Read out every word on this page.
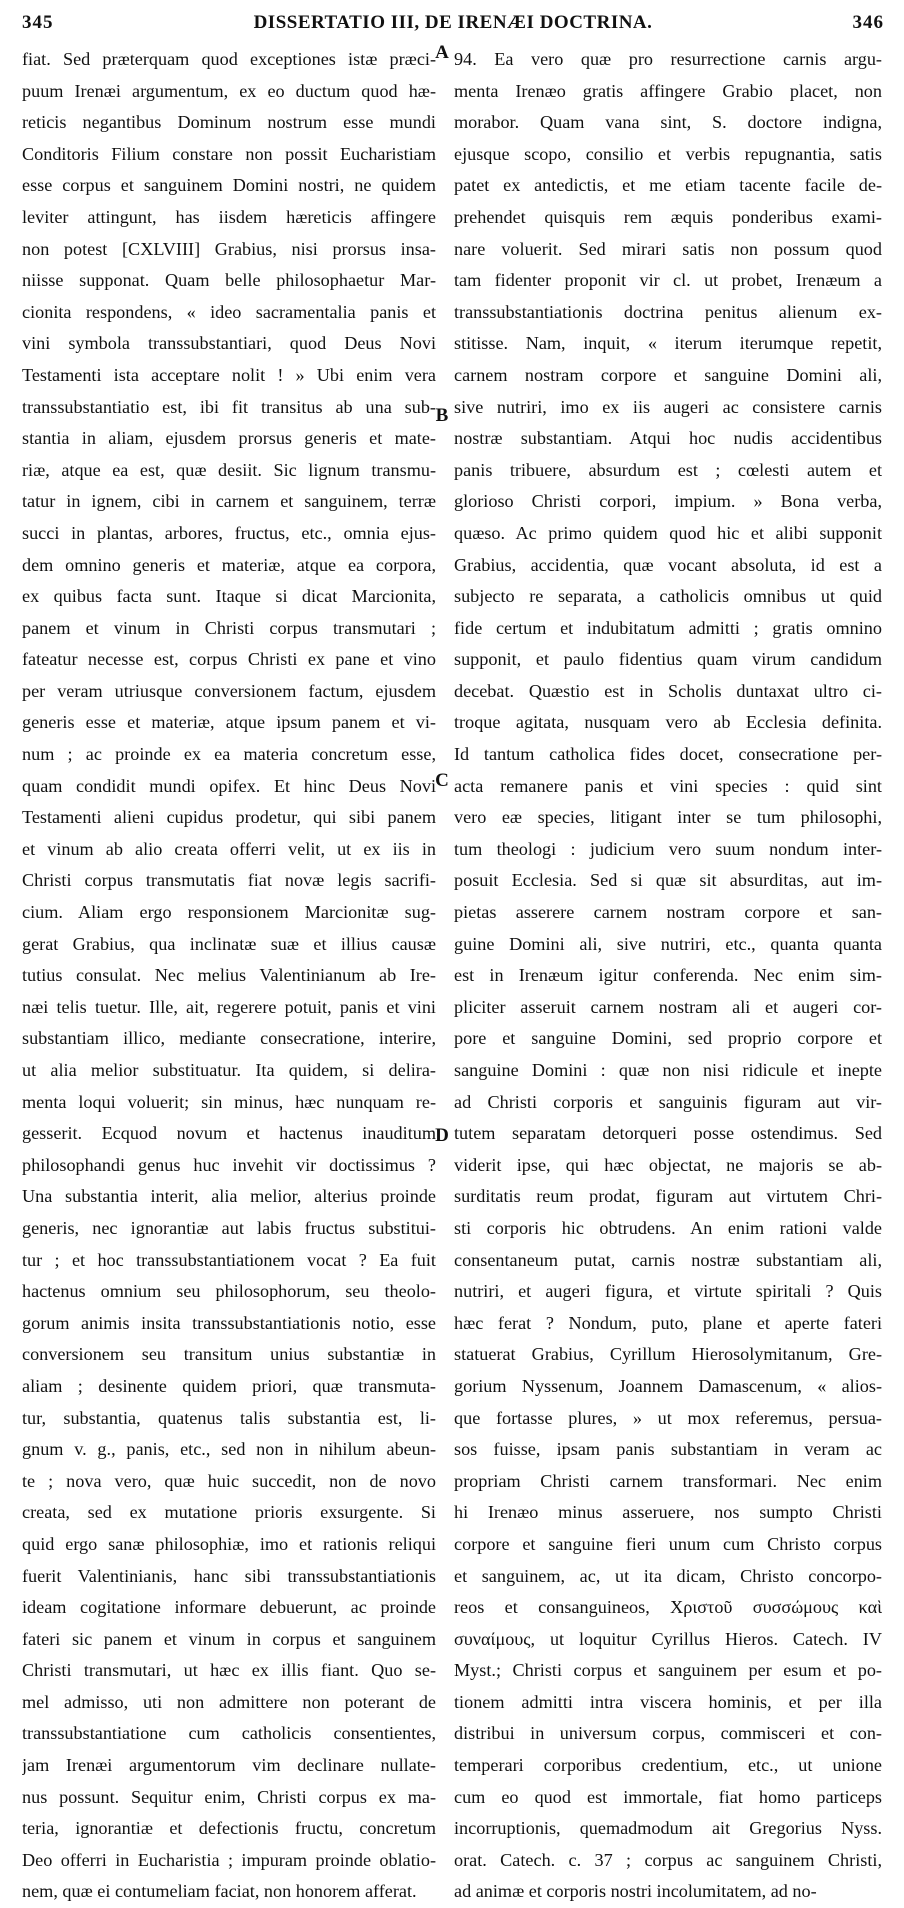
345	DISSERTATIO III, DE IRENÆI DOCTRINA.	346
A
B
C
D
fiat. Sed præterquam quod exceptiones istæ præci-
puum Irenæi argumentum, ex eo ductum quod hæ-
reticis negantibus Dominum nostrum esse mundi
Conditoris Filium constare non possit Eucharistiam
esse corpus et sanguinem Domini nostri, ne quidem
leviter attingunt, has iisdem hæreticis affingere
non potest [CXLVIII] Grabius, nisi prorsus insa-
niisse supponat. Quam belle philosophaetur Mar-
cionita respondens, « ideo sacramentalia panis et
vini symbola transsubstantiari, quod Deus Novi
Testamenti ista acceptare nolit ! » Ubi enim vera
transsubstantiatio est, ibi fit transitus ab una sub-
stantia in aliam, ejusdem prorsus generis et mate-
riæ, atque ea est, quæ desiit. Sic lignum transmu-
tatur in ignem, cibi in carnem et sanguinem, terræ
succi in plantas, arbores, fructus, etc., omnia ejus-
dem omnino generis et materiæ, atque ea corpora,
ex quibus facta sunt. Itaque si dicat Marcionita,
panem et vinum in Christi corpus transmutari ;
fateatur necesse est, corpus Christi ex pane et vino
per veram utriusque conversionem factum, ejusdem
generis esse et materiæ, atque ipsum panem et vi-
num ; ac proinde ex ea materia concretum esse,
quam condidit mundi opifex. Et hinc Deus Novi
Testamenti alieni cupidus prodetur, qui sibi panem
et vinum ab alio creata offerri velit, ut ex iis in
Christi corpus transmutatis fiat novæ legis sacrifi-
cium. Aliam ergo responsionem Marcionitæ sug-
gerat Grabius, qua inclinatæ suæ et illius causæ
tutius consulat. Nec melius Valentinianum ab Ire-
næi telis tuetur. Ille, ait, regerere potuit, panis et vini
substantiam illico, mediante consecratione, interire,
ut alia melior substituatur. Ita quidem, si delira-
menta loqui voluerit; sin minus, hæc nunquam re-
gesserit. Ecquod novum et hactenus inauditum
philosophandi genus huc invehit vir doctissimus ?
Una substantia interit, alia melior, alterius proinde
generis, nec ignorantiæ aut labis fructus substitui-
tur ; et hoc transsubstantiationem vocat ? Ea fuit
hactenus omnium seu philosophorum, seu theolo-
gorum animis insita transsubstantiationis notio, esse
conversionem seu transitum unius substantiæ in
aliam ; desinente quidem priori, quæ transmuta-
tur, substantia, quatenus talis substantia est, li-
gnum v. g., panis, etc., sed non in nihilum abeun-
te ; nova vero, quæ huic succedit, non de novo
creata, sed ex mutatione prioris exsurgente. Si
quid ergo sanæ philosophiæ, imo et rationis reliqui
fuerit Valentinianis, hanc sibi transsubstantiationis
ideam cogitatione informare debuerunt, ac proinde
fateri sic panem et vinum in corpus et sanguinem
Christi transmutari, ut hæc ex illis fiant. Quo se-
mel admisso, uti non admittere non poterant de
transsubstantiatione cum catholicis consentientes,
jam Irenæi argumentorum vim declinare nullate-
nus possunt. Sequitur enim, Christi corpus ex ma-
teria, ignorantiæ et defectionis fructu, concretum
Deo offerri in Eucharistia ; impuram proinde oblatio-
nem, quæ ei contumeliam faciat, non honorem afferat.
94. Ea vero quæ pro resurrectione carnis argu-
menta Irenæo gratis affingere Grabio placet, non
morabor. Quam vana sint, S. doctore indigna,
ejusque scopo, consilio et verbis repugnantia, satis
patet ex antedictis, et me etiam tacente facile de-
prehendet quisquis rem æquis ponderibus exami-
nare voluerit. Sed mirari satis non possum quod
tam fidenter proponit vir cl. ut probet, Irenæum a
transsubstantiationis doctrina penitus alienum ex-
stitisse. Nam, inquit, « iterum iterumque repetit,
carnem nostram corpore et sanguine Domini ali,
sive nutriri, imo ex iis augeri ac consistere carnis
nostræ substantiam. Atqui hoc nudis accidentibus
panis tribuere, absurdum est ; cœlesti autem et
glorioso Christi corpori, impium. » Bona verba,
quæso. Ac primo quidem quod hic et alibi supponit
Grabius, accidentia, quæ vocant absoluta, id est a
subjecto re separata, a catholicis omnibus ut quid
fide certum et indubitatum admitti ; gratis omnino
supponit, et paulo fidentius quam virum candidum
decebat. Quæstio est in Scholis duntaxat ultro ci-
troque agitata, nusquam vero ab Ecclesia definita.
Id tantum catholica fides docet, consecratione per-
acta remanere panis et vini species : quid sint
vero eæ species, litigant inter se tum philosophi,
tum theologi : judicium vero suum nondum inter-
posuit Ecclesia. Sed si quæ sit absurditas, aut im-
pietas asserere carnem nostram corpore et san-
guine Domini ali, sive nutriri, etc., quanta quanta
est in Irenæum igitur conferenda. Nec enim sim-
pliciter asseruit carnem nostram ali et augeri cor-
pore et sanguine Domini, sed proprio corpore et
sanguine Domini : quæ non nisi ridicule et inepte
ad Christi corporis et sanguinis figuram aut vir-
tutem separatam detorqueri posse ostendimus. Sed
viderit ipse, qui hæc objectat, ne majoris se ab-
surditatis reum prodat, figuram aut virtutem Chri-
sti corporis hic obtrudens. An enim rationi valde
consentaneum putat, carnis nostræ substantiam ali,
nutriri, et augeri figura, et virtute spiritali ? Quis
hæc ferat ? Nondum, puto, plane et aperte fateri
statuerat Grabius, Cyrillum Hierosolymitanum, Gre-
gorium Nyssenum, Joannem Damascenum, « alios-
que fortasse plures, » ut mox referemus, persua-
sos fuisse, ipsam panis substantiam in veram ac
propriam Christi carnem transformari. Nec enim
hi Irenæo minus asseruere, nos sumpto Christi
corpore et sanguine fieri unum cum Christo corpus
et sanguinem, ac, ut ita dicam, Christo concorpo-
reos et consanguineos, Χριστοῦ συσσώμους καὶ
συναίμους, ut loquitur Cyrillus Hieros. Catech. IV
Myst.; Christi corpus et sanguinem per esum et po-
tionem admitti intra viscera hominis, et per illa
distribui in universum corpus, commisceri et con-
temperari corporibus credentium, etc., ut unione
cum eo quod est immortale, fiat homo particeps
incorruptionis, quemadmodum ait Gregorius Nyss.
orat. Catech. c. 37 ; corpus ac sanguinem Christi,
ad animæ et corporis nostri incolumitatem, ad no-
